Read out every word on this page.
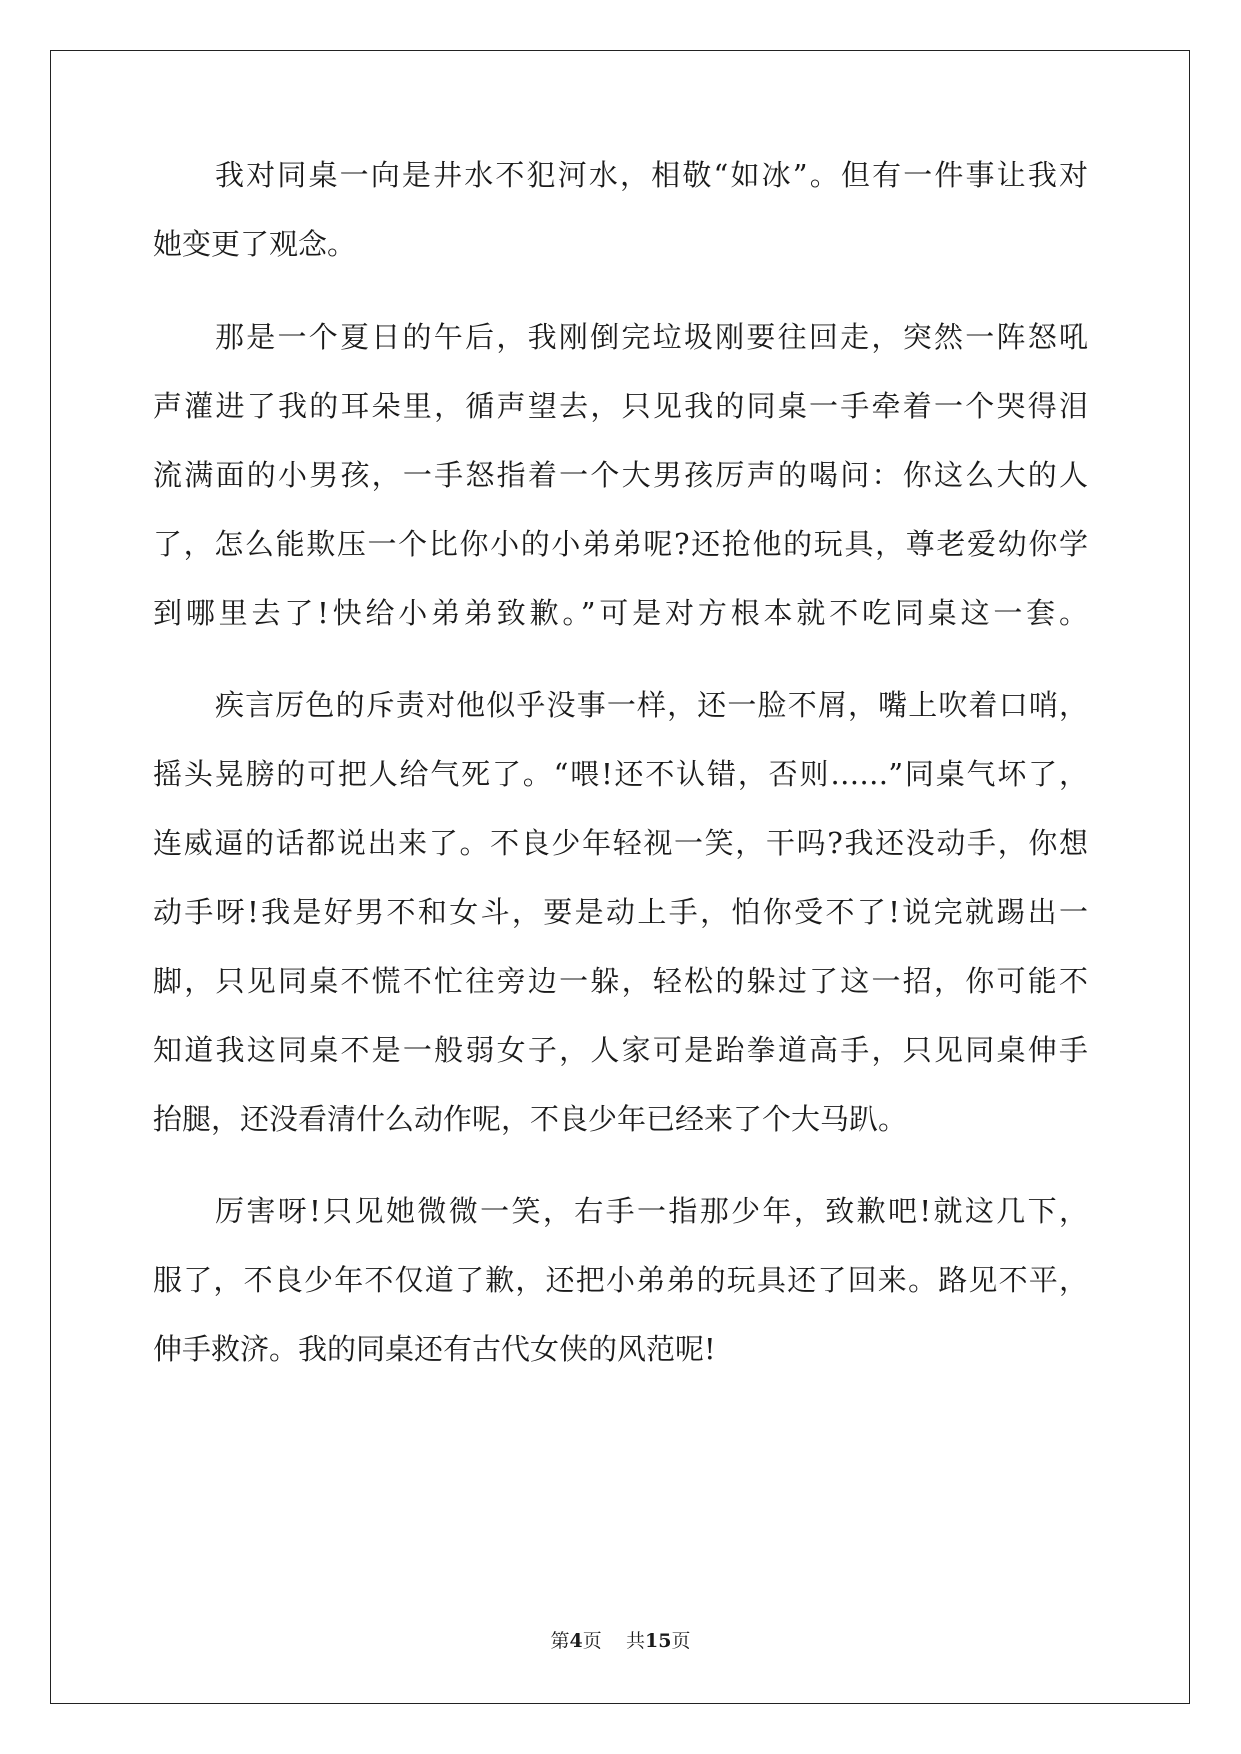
我对同桌一向是井水不犯河水，相敬“如冰”。但有一件事让我对
她变更了观念。
那是一个夏日的午后，我刚倒完垃圾刚要往回走，突然一阵怒吼
声灌进了我的耳朵里，循声望去，只见我的同桌一手牵着一个哭得泪
流满面的小男孩，一手怒指着一个大男孩厉声的喝问：你这么大的人
了，怎么能欺压一个比你小的小弟弟呢?还抢他的玩具，尊老爱幼你学
到哪里去了!快给小弟弟致歉。”可是对方根本就不吃同桌这一套。
疾言厉色的斥责对他似乎没事一样，还一脸不屑，嘴上吹着口哨，
摇头晃膀的可把人给气死了。“喂!还不认错，否则……”同桌气坏了，
连威逼的话都说出来了。不良少年轻视一笑，干吗?我还没动手，你想
动手呀!我是好男不和女斗，要是动上手，怕你受不了!说完就踢出一
脚，只见同桌不慌不忙往旁边一躲，轻松的躲过了这一招，你可能不
知道我这同桌不是一般弱女子，人家可是跆拳道高手，只见同桌伸手
抬腿，还没看清什么动作呢，不良少年已经来了个大马趴。
厉害呀!只见她微微一笑，右手一指那少年，致歉吧!就这几下，
服了，不良少年不仅道了歉，还把小弟弟的玩具还了回来。路见不平，
伸手救济。我的同桌还有古代女侠的风范呢!
第4页 共15页
